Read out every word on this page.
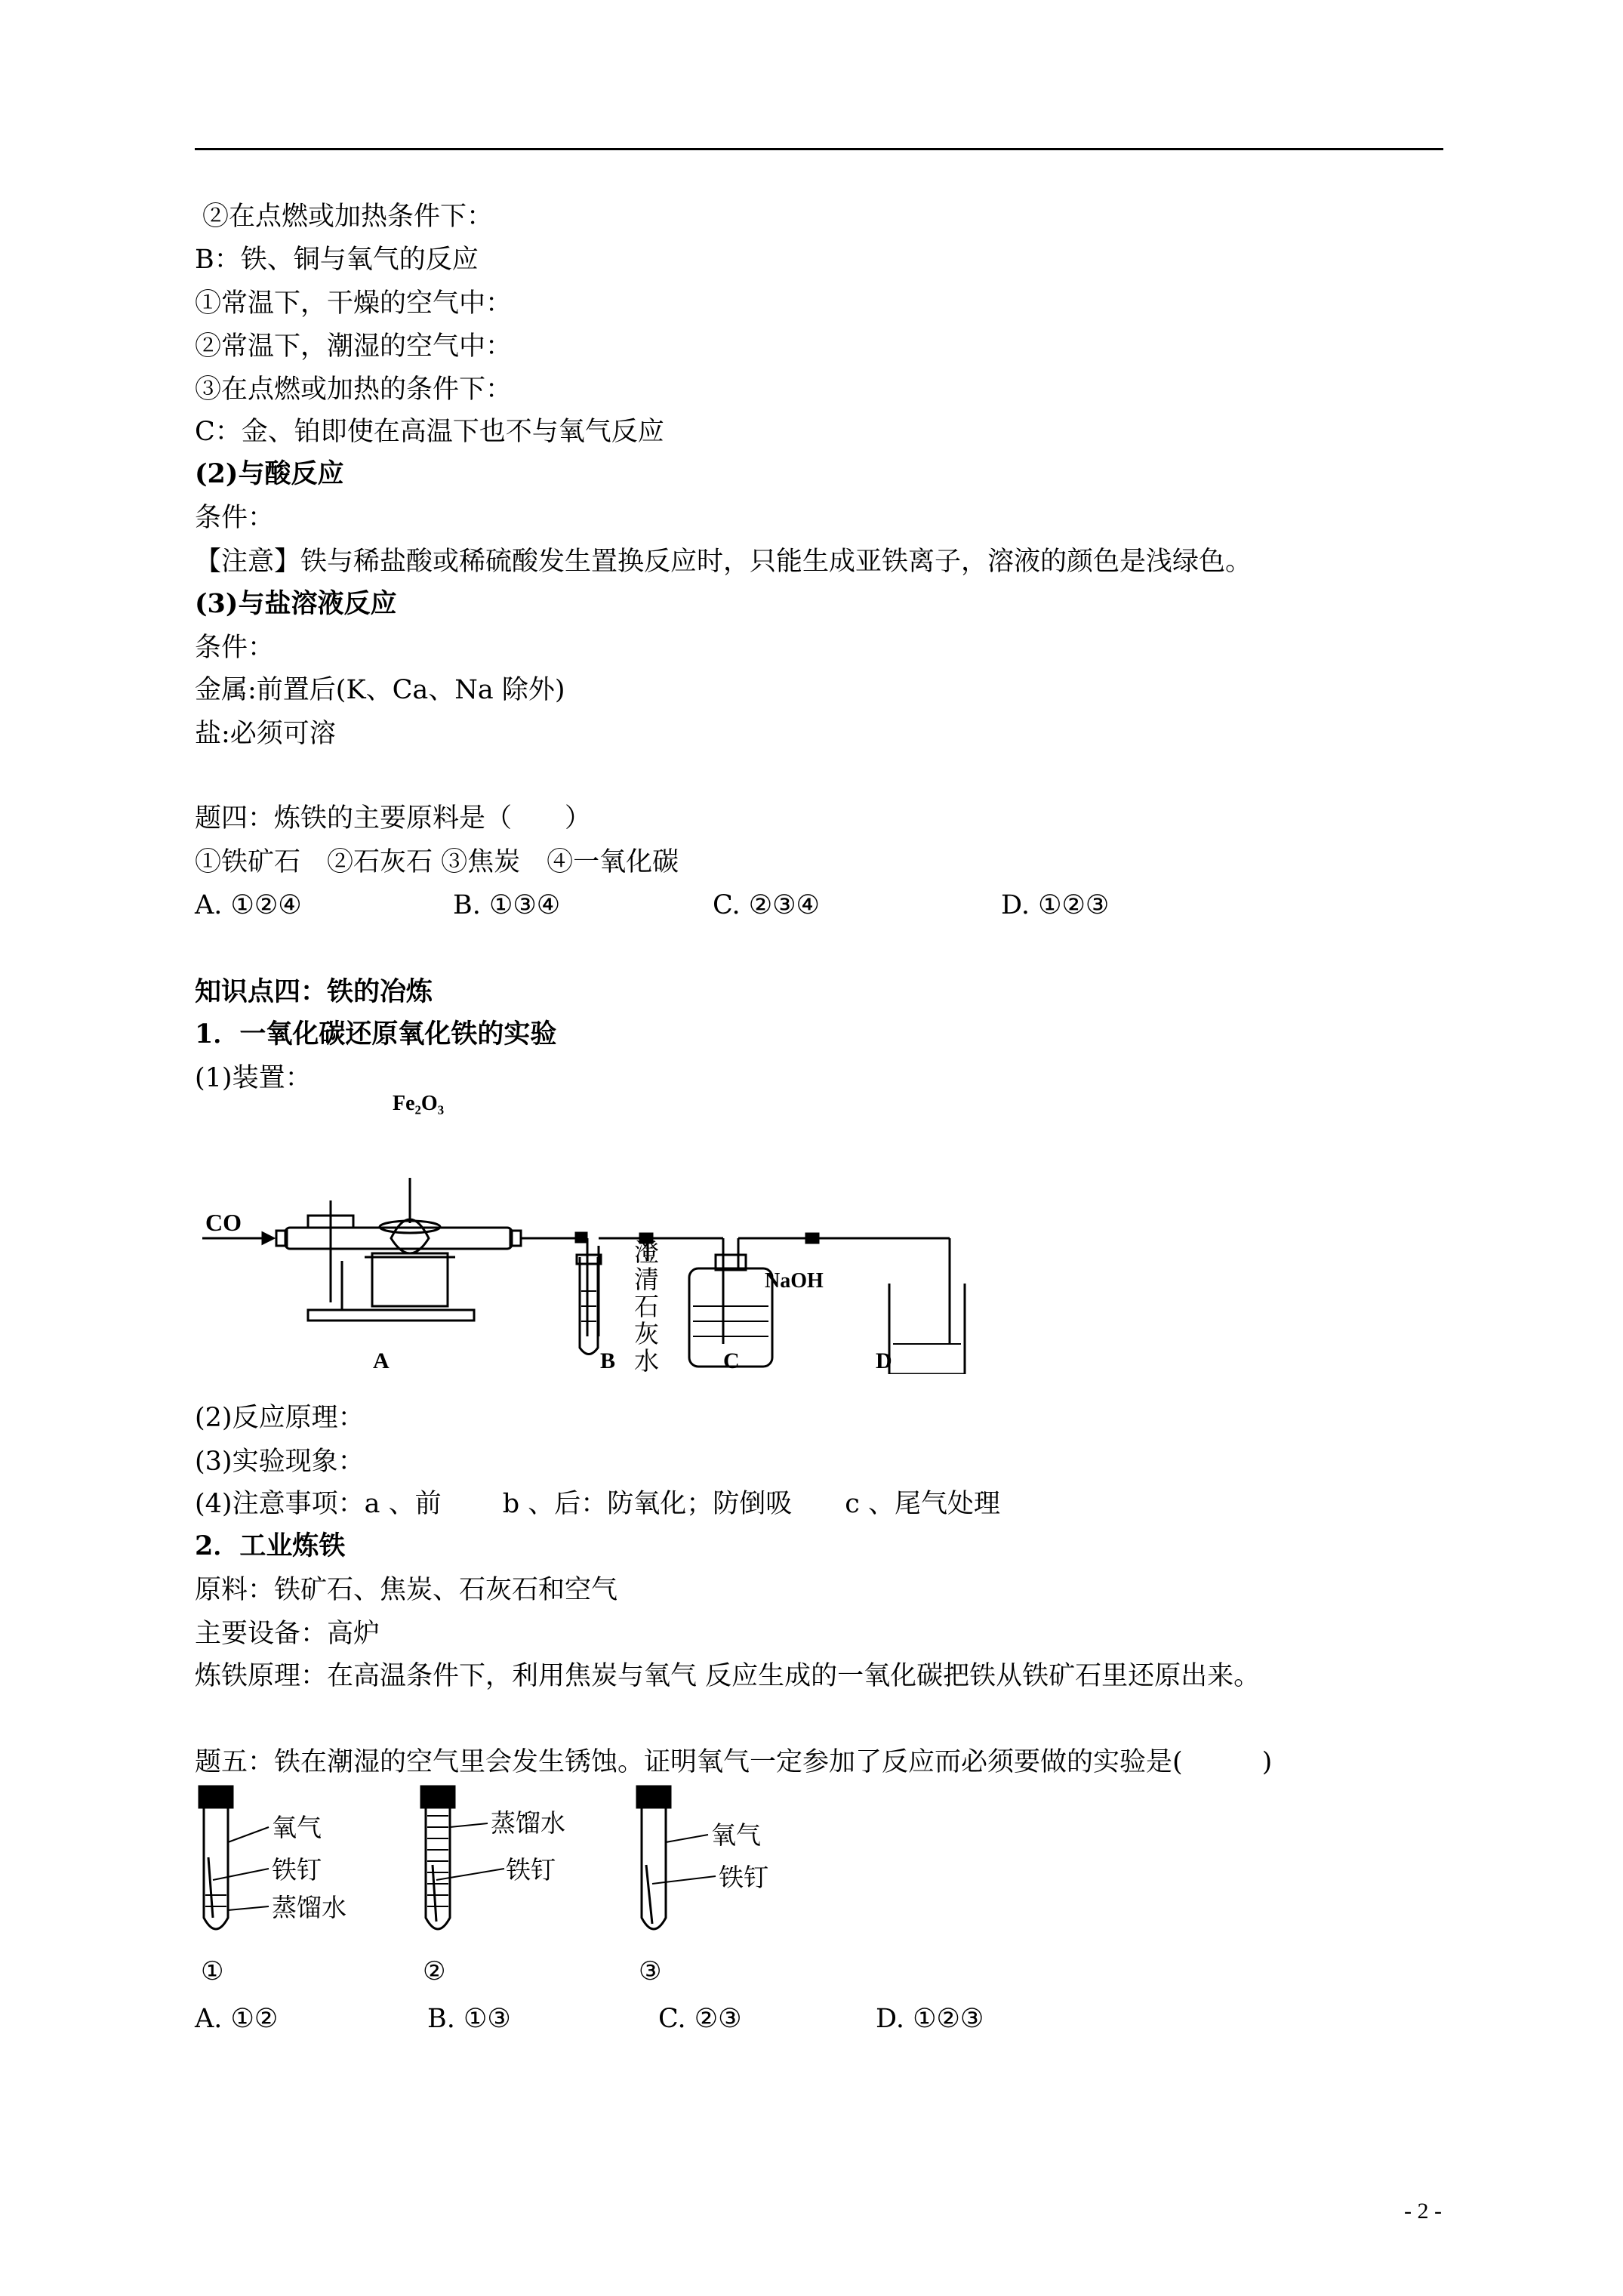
②在点燃或加热条件下：
B：铁、铜与氧气的反应
①常温下，干燥的空气中：
②常温下，潮湿的空气中：
③在点燃或加热的条件下：
C：金、铂即使在高温下也不与氧气反应
(2)与酸反应
条件：
【注意】铁与稀盐酸或稀硫酸发生置换反应时，只能生成亚铁离子，溶液的颜色是浅绿色。
(3)与盐溶液反应
条件：
金属:前置后(K、Ca、Na 除外)
盐:必须可溶
题四：炼铁的主要原料是（　　）
①铁矿石　②石灰石 ③焦炭　④一氧化碳
A. ①②④	B. ①③④	C. ②③④	D. ①②③
知识点四：铁的冶炼
1．一氧化碳还原氧化铁的实验
(1)装置：
CO
Fe₂O₃
澄
清
石
灰
水
NaOH
A	B	C	D
(2)反应原理：
(3)实验现象：
(4)注意事项：a 、前　　 b 、后：防氧化；防倒吸　　c 、尾气处理
2．工业炼铁
原料：铁矿石、焦炭、石灰石和空气
主要设备：高炉
炼铁原理：在高温条件下，利用焦炭与氧气 反应生成的一氧化碳把铁从铁矿石里还原出来。
题五：铁在潮湿的空气里会发生锈蚀。证明氧气一定参加了反应而必须要做的实验是(　　　)
氧气
铁钉
蒸馏水
蒸馏水
铁钉
氧气
铁钉
①	②	③
A. ①②	B. ①③	C. ②③	D. ①②③
- 2 -
